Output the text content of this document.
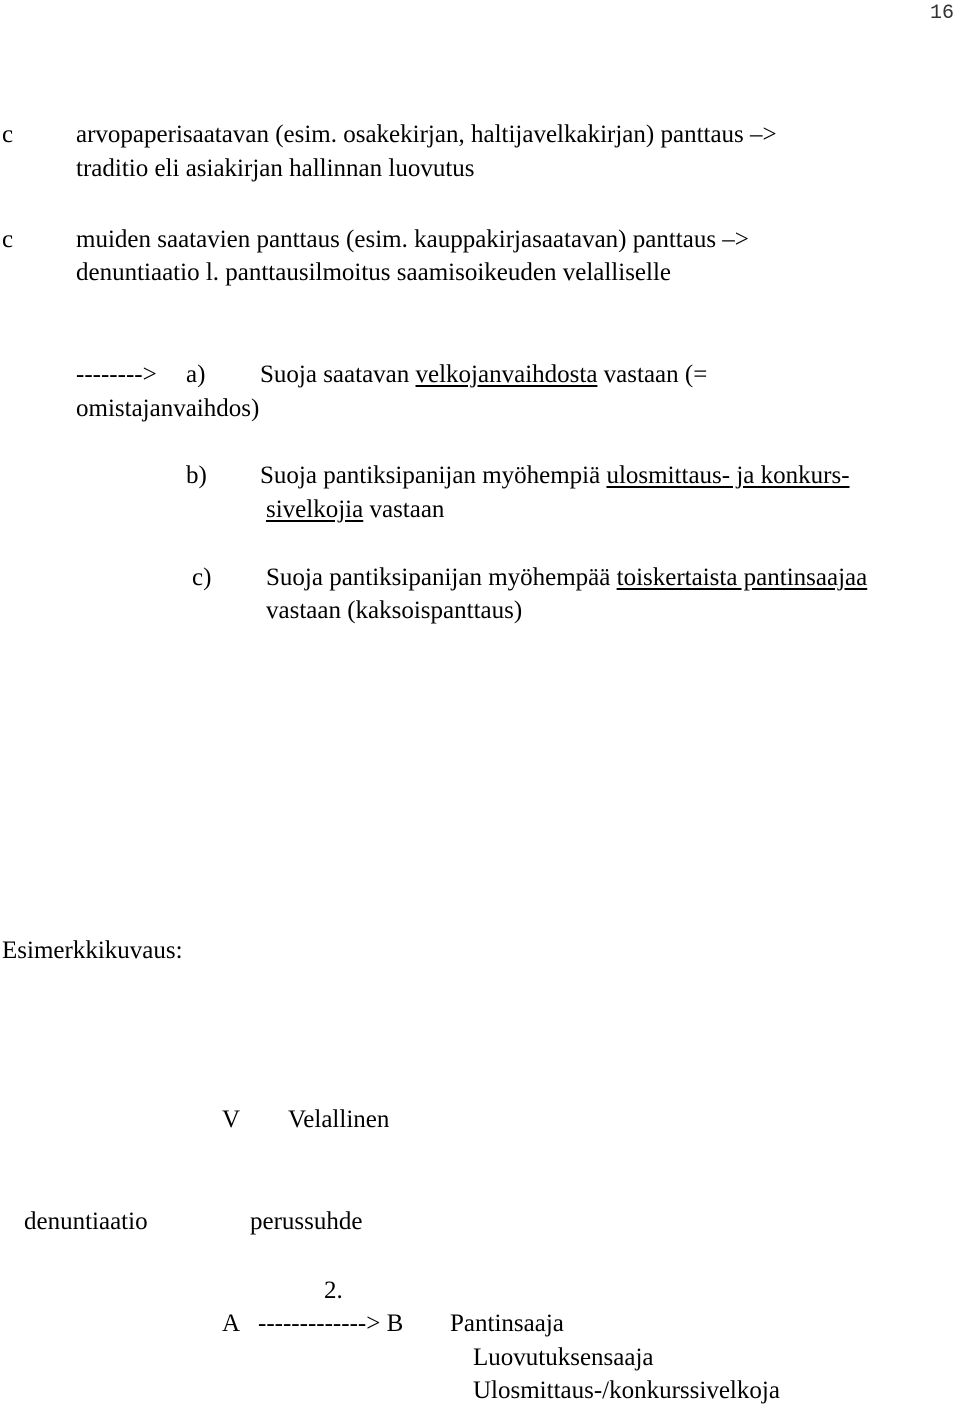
16
c	arvopaperisaatavan (esim. osakekirjan, haltijavelkakirjan) panttaus –>
traditio eli asiakirjan hallinnan luovutus
c	muiden saatavien panttaus (esim. kauppakirjasaatavan) panttaus –>
denuntiaatio l. panttausilmoitus saamisoikeuden velalliselle
--------> a) Suoja saatavan velkojanvaihdosta vastaan (=
omistajanvaihdos)
b) Suoja pantiksipanijan myöhempiä ulosmittaus- ja konkurs-
sivelkojia vastaan
c) Suoja pantiksipanijan myöhempää toiskertaista pantinsaajaa
vastaan (kaksoispanttaus)
Esimerkkikuvaus:
V Velallinen
denuntiaatio	perussuhde
2.
A -------------> B Pantinsaaja
Luovutuksensaaja
Ulosmittaus-/konkurssivelkoja
